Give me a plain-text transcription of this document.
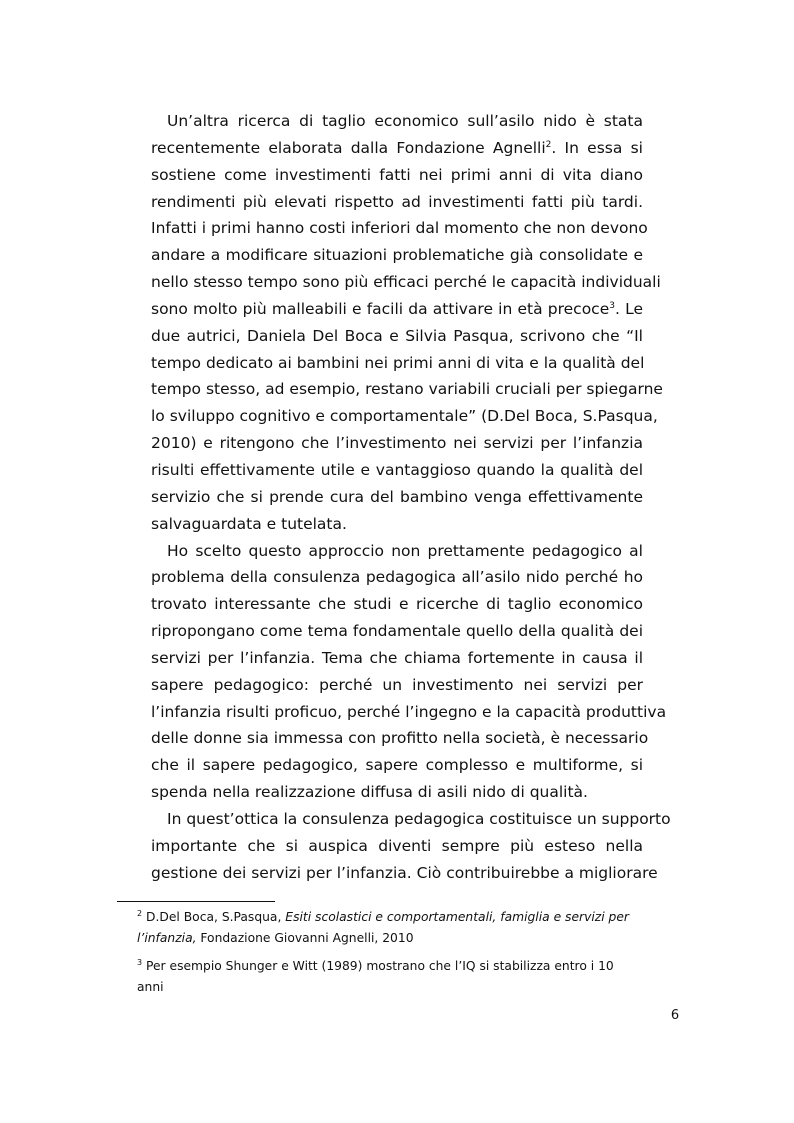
Un’altra ricerca di taglio economico sull’asilo nido è stata
recentemente elaborata dalla Fondazione Agnelli$^2$. In essa si
sostiene come investimenti fatti nei primi anni di vita diano
rendimenti più elevati rispetto ad investimenti fatti più tardi.
Infatti i primi hanno costi inferiori dal momento che non devono
andare a modificare situazioni problematiche già consolidate e
nello stesso tempo sono più efficaci perché le capacità individuali
sono molto più malleabili e facili da attivare in età precoce$^3$. Le
due autrici, Daniela Del Boca e Silvia Pasqua, scrivono che “Il
tempo dedicato ai bambini nei primi anni di vita e la qualità del
tempo stesso, ad esempio, restano variabili cruciali per spiegarne
lo sviluppo cognitivo e comportamentale” (D.Del Boca, S.Pasqua,
2010) e ritengono che l’investimento nei servizi per l’infanzia
risulti effettivamente utile e vantaggioso quando la qualità del
servizio che si prende cura del bambino venga effettivamente
salvaguardata e tutelata.
Ho scelto questo approccio non prettamente pedagogico al
problema della consulenza pedagogica all’asilo nido perché ho
trovato interessante che studi e ricerche di taglio economico
ripropongano come tema fondamentale quello della qualità dei
servizi per l’infanzia. Tema che chiama fortemente in causa il
sapere pedagogico: perché un investimento nei servizi per
l’infanzia risulti proficuo, perché l’ingegno e la capacità produttiva
delle donne sia immessa con profitto nella società, è necessario
che il sapere pedagogico, sapere complesso e multiforme, si
spenda nella realizzazione diffusa di asili nido di qualità.
In quest’ottica la consulenza pedagogica costituisce un supporto
importante che si auspica diventi sempre più esteso nella
gestione dei servizi per l’infanzia. Ciò contribuirebbe a migliorare
$^2$ D.Del Boca, S.Pasqua, Esiti scolastici e comportamentali, famiglia e servizi per
l’infanzia, Fondazione Giovanni Agnelli, 2010
$^3$ Per esempio Shunger e Witt (1989) mostrano che l’IQ si stabilizza entro i 10
anni
6
